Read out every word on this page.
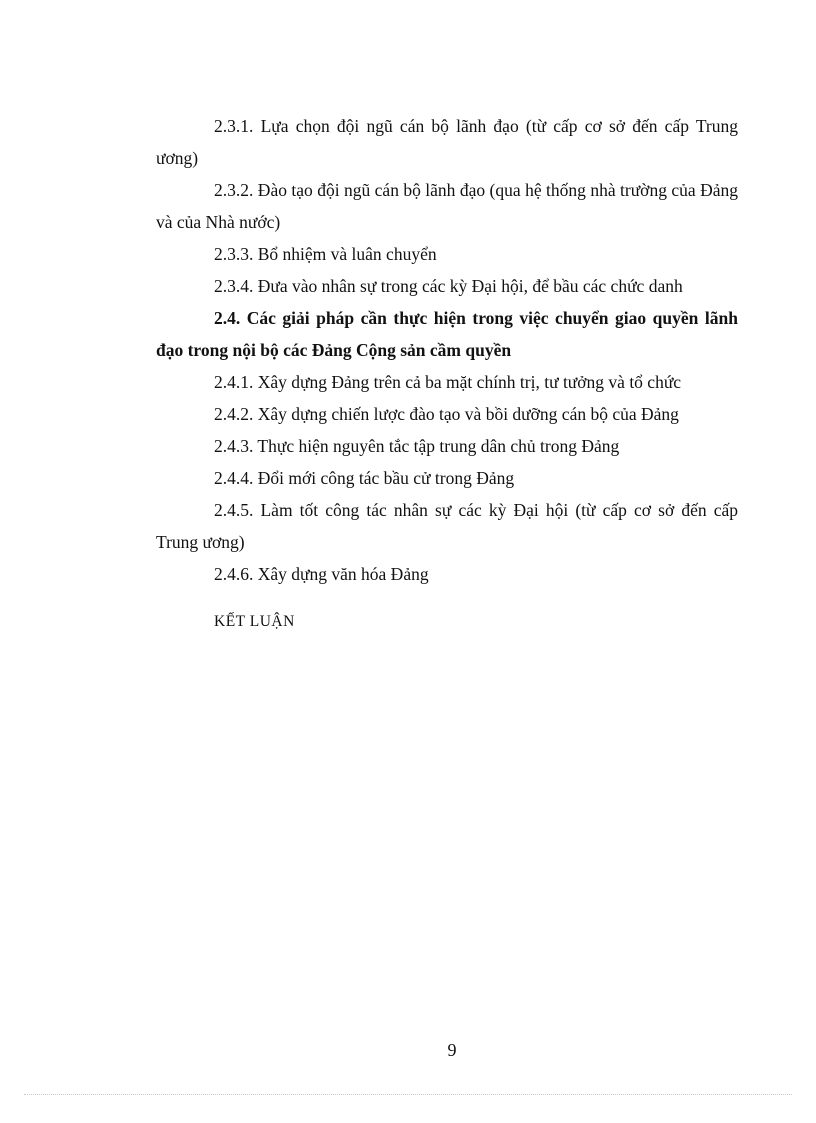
2.3.1. Lựa chọn đội ngũ cán bộ lãnh đạo (từ cấp cơ sở đến cấp Trung ương)

2.3.2. Đào tạo đội ngũ cán bộ lãnh đạo (qua hệ thống nhà trường của Đảng và của Nhà nước)

2.3.3. Bổ nhiệm và luân chuyển

2.3.4. Đưa vào nhân sự trong các kỳ Đại hội, để bầu các chức danh

2.4. Các giải pháp cần thực hiện trong việc chuyển giao quyền lãnh đạo trong nội bộ các Đảng Cộng sản cầm quyền

2.4.1. Xây dựng Đảng trên cả ba mặt chính trị, tư tưởng và tổ chức

2.4.2. Xây dựng chiến lược đào tạo và bồi dưỡng cán bộ của Đảng

2.4.3. Thực hiện nguyên tắc tập trung dân chủ trong Đảng

2.4.4. Đổi mới công tác bầu cử trong Đảng

2.4.5. Làm tốt công tác nhân sự các kỳ Đại hội (từ cấp cơ sở đến cấp Trung ương)

2.4.6. Xây dựng văn hóa Đảng

KẾT LUẬN

9
